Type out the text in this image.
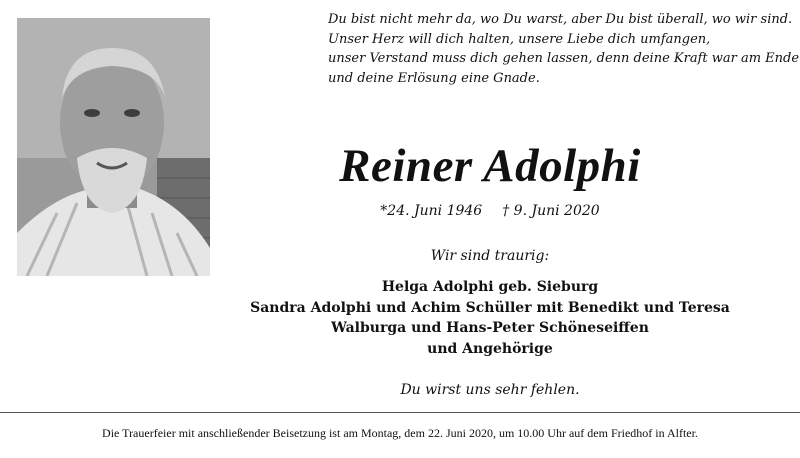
Du bist nicht mehr da, wo Du warst, aber Du bist überall, wo wir sind.
Unser Herz will dich halten, unsere Liebe dich umfangen,
unser Verstand muss dich gehen lassen, denn deine Kraft war am Ende
und deine Erlösung eine Gnade.
Reiner Adolphi
*24. Juni 1946 † 9. Juni 2020
Wir sind traurig:
Helga Adolphi geb. Sieburg
Sandra Adolphi und Achim Schüller mit Benedikt und Teresa
Walburga und Hans-Peter Schöneseiffen
und Angehörige
Du wirst uns sehr fehlen.
Die Trauerfeier mit anschließender Beisetzung ist am Montag, dem 22. Juni 2020, um 10.00 Uhr auf dem Friedhof in Alfter.
